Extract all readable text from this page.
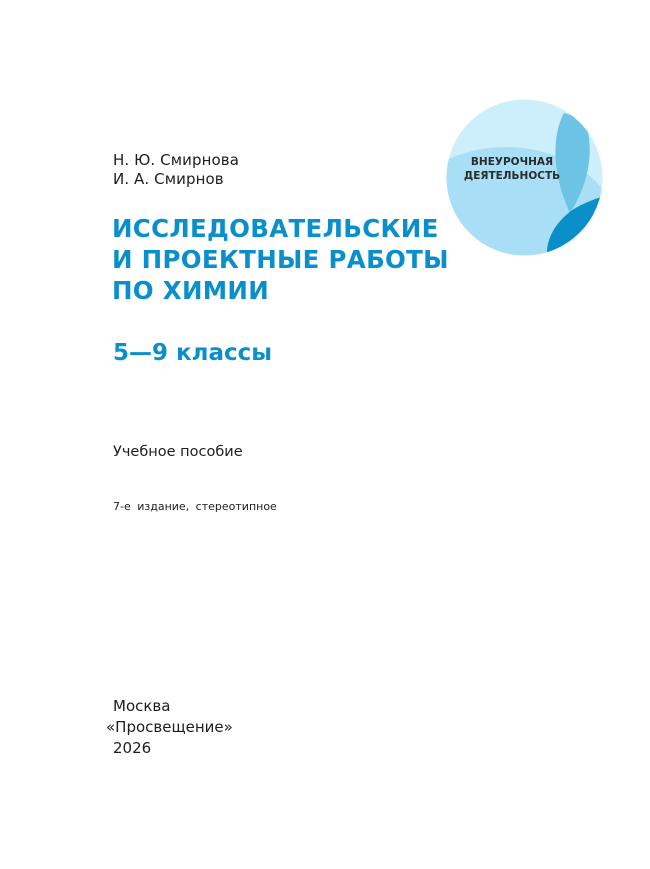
Н. Ю. Смирнова
И. А. Смирнов
ВНЕУРОЧНАЯ
ДЕЯТЕЛЬНОСТЬ
ИССЛЕДОВАТЕЛЬСКИЕ
И ПРОЕКТНЫЕ РАБОТЫ
ПО ХИМИИ
5—9 классы
Учебное пособие
7-е издание, стереотипное
Москва
«Просвещение»
2026
